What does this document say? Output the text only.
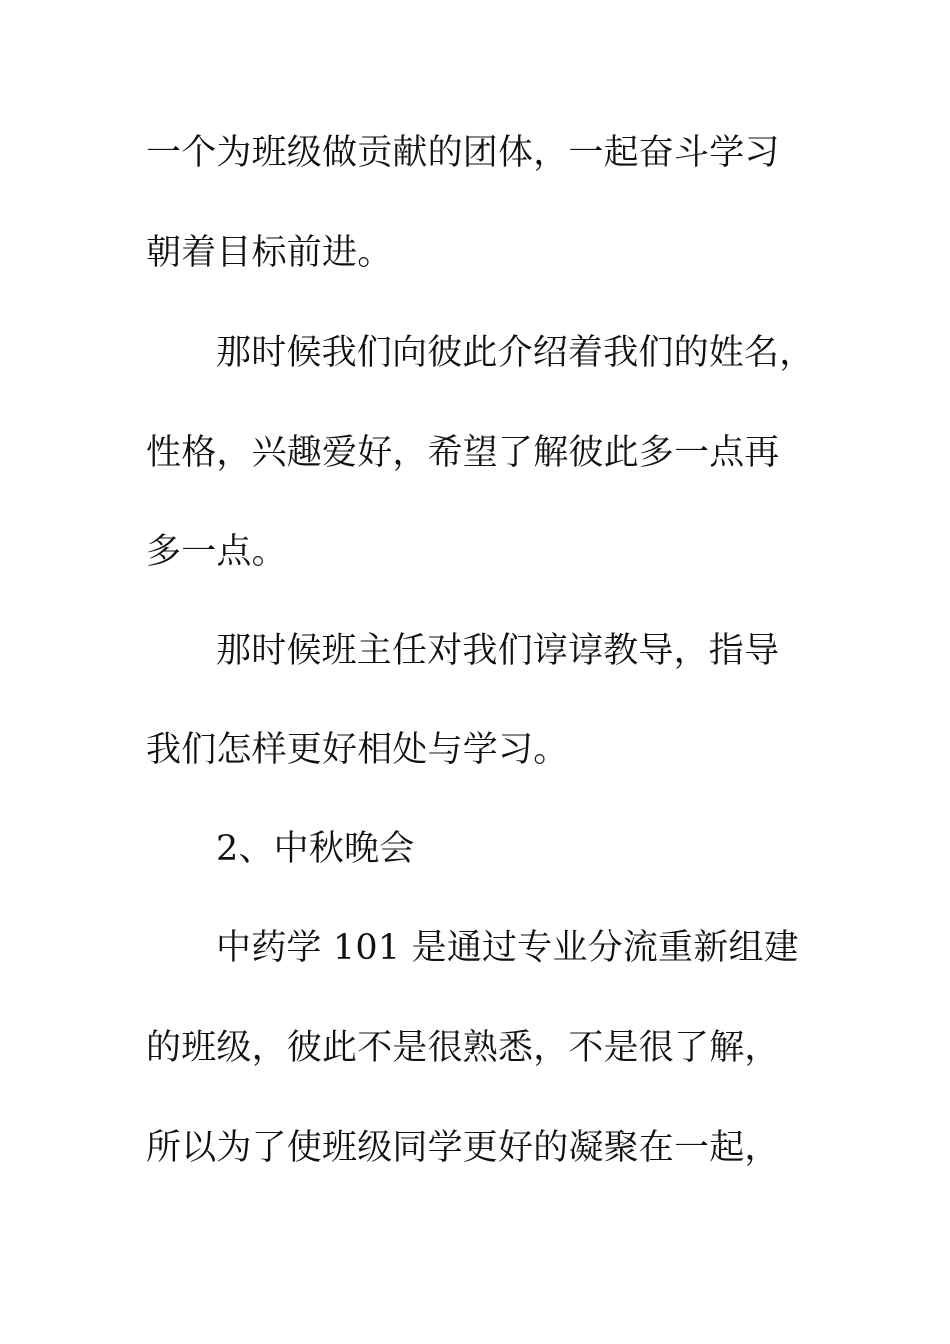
一个为班级做贡献的团体，一起奋斗学习
朝着目标前进。
那时候我们向彼此介绍着我们的姓名，
性格，兴趣爱好，希望了解彼此多一点再
多一点。
那时候班主任对我们谆谆教导，指导
我们怎样更好相处与学习。
2、中秋晚会
中药学 101 是通过专业分流重新组建
的班级，彼此不是很熟悉，不是很了解，
所以为了使班级同学更好的凝聚在一起，
